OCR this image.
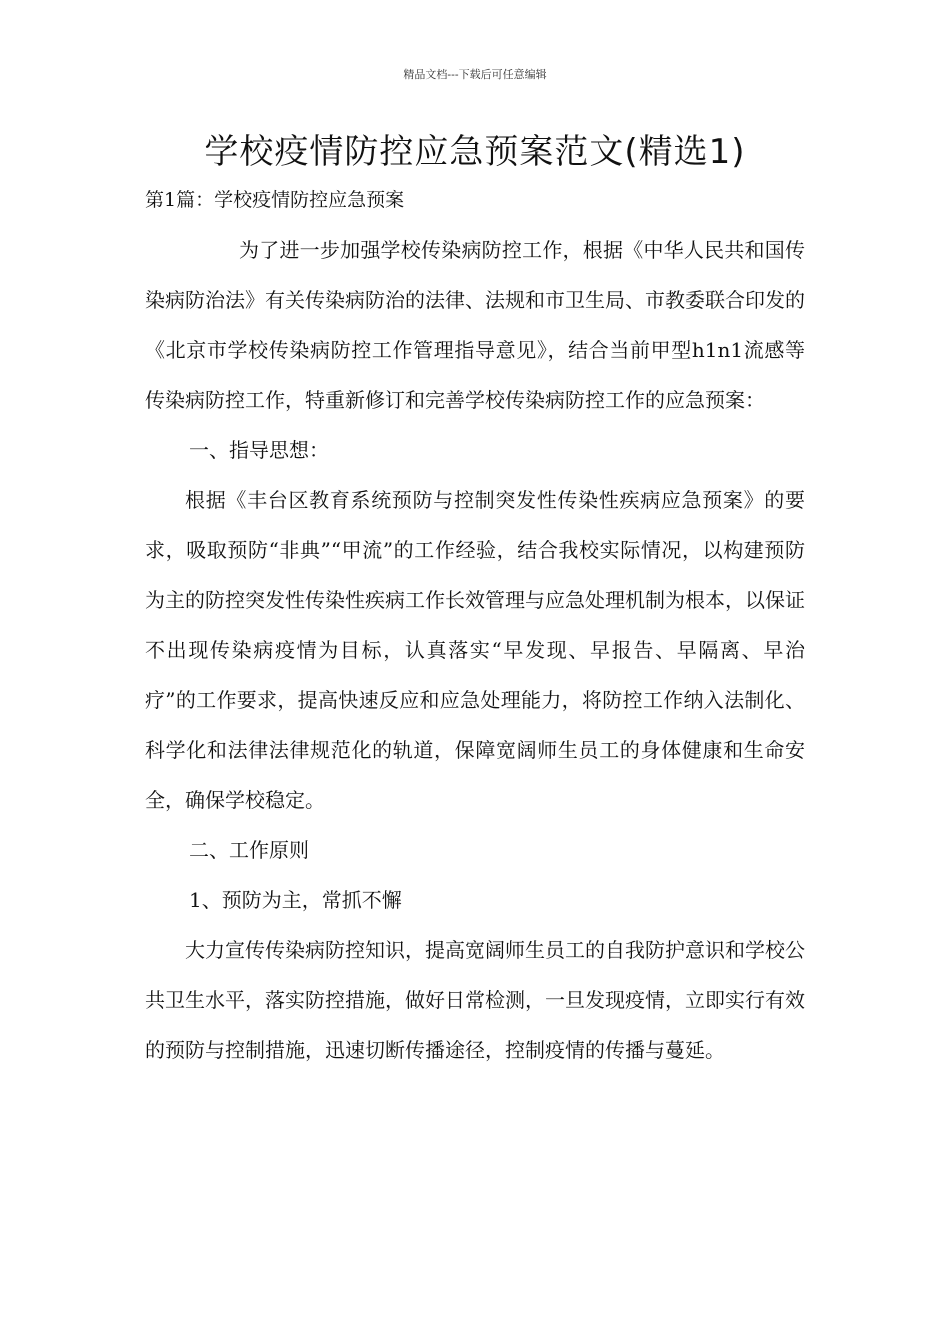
精品文档---下载后可任意编辑
学校疫情防控应急预案范文(精选1)
第1篇：学校疫情防控应急预案

为了进一步加强学校传染病防控工作，根据《中华人民共和国传染病防治法》有关传染病防治的法律、法规和市卫生局、市教委联合印发的《北京市学校传染病防控工作管理指导意见》，结合当前甲型h1n1流感等传染病防控工作，特重新修订和完善学校传染病防控工作的应急预案：

一、指导思想：

根据《丰台区教育系统预防与控制突发性传染性疾病应急预案》的要求，吸取预防“非典”“甲流”的工作经验，结合我校实际情况，以构建预防为主的防控突发性传染性疾病工作长效管理与应急处理机制为根本，以保证不出现传染病疫情为目标，认真落实“早发现、早报告、早隔离、早治疗”的工作要求，提高快速反应和应急处理能力，将防控工作纳入法制化、科学化和法律法律规范化的轨道，保障宽阔师生员工的身体健康和生命安全，确保学校稳定。

二、工作原则

1、预防为主，常抓不懈

大力宣传传染病防控知识，提高宽阔师生员工的自我防护意识和学校公共卫生水平，落实防控措施，做好日常检测，一旦发现疫情，立即实行有效的预防与控制措施，迅速切断传播途径，控制疫情的传播与蔓延。
